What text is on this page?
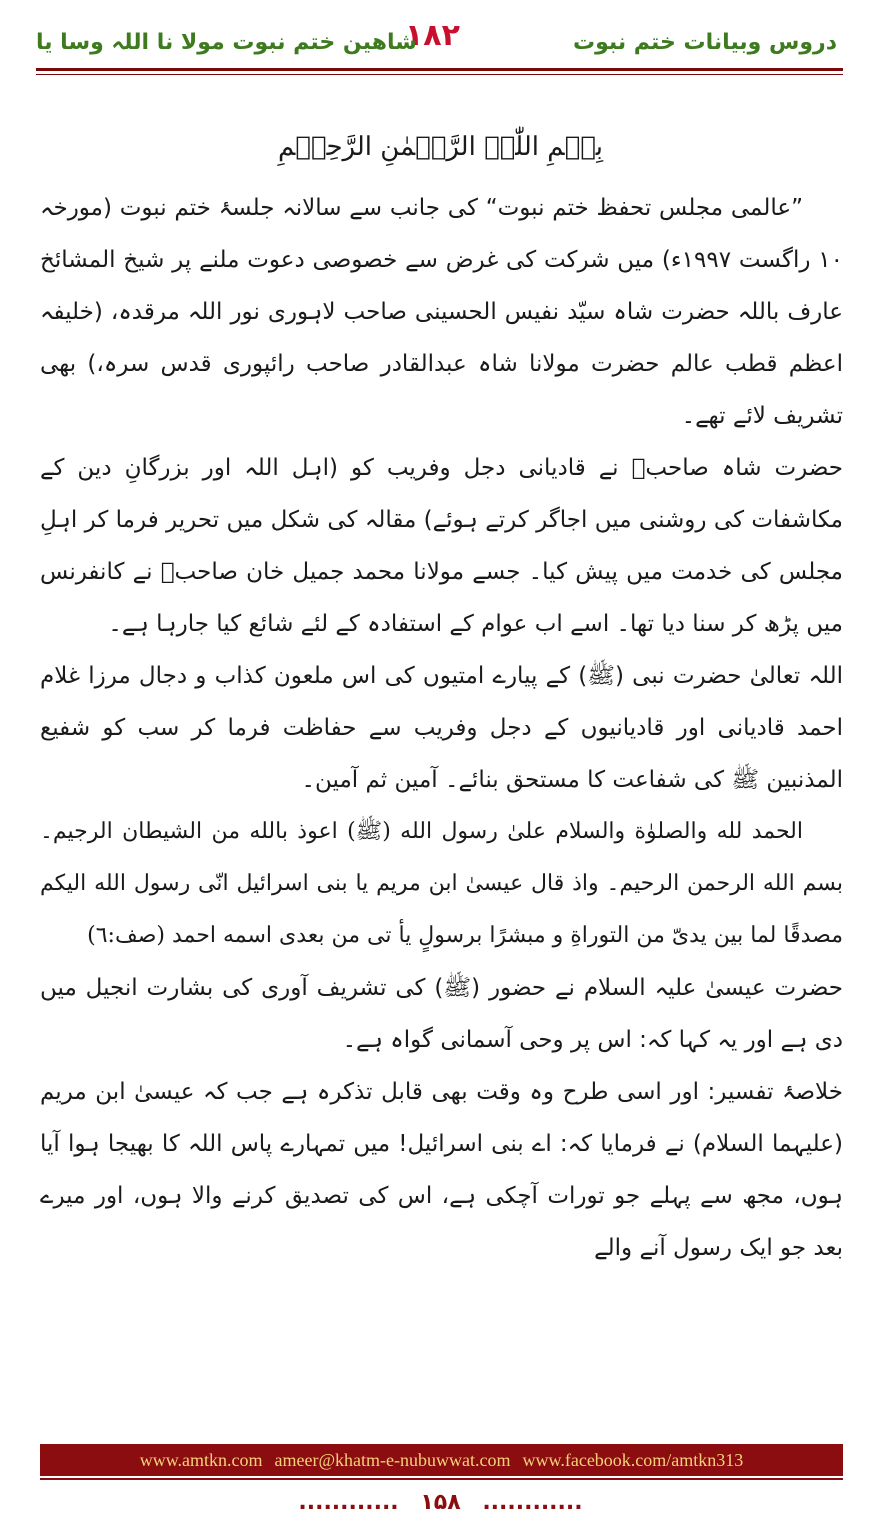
دروس وبیانات ختم نبوت
۱۸۲
شاھین ختم نبوت مولا نا اللہ وسا یا
بِسۡمِ اللّٰہِ الرَّحۡمٰنِ الرَّحِیۡمِ

”عالمی مجلس تحفظ ختم نبوت“ کی جانب سے سالانہ جلسۂ ختم نبوت (مورخہ ۱۰ راگست ۱۹۹۷ء) میں شرکت کی غرض سے خصوصی دعوت ملنے پر شیخ المشائخ عارف باللہ حضرت شاہ سیّد نفیس الحسینی صاحب لاہوری نور اللہ مرقدہ، (خلیفہ اعظم قطب عالم حضرت مولانا شاہ عبدالقادر صاحب رائپوری قدس سرہ،) بھی تشریف لائے تھے۔

حضرت شاہ صاحبؒ نے قادیانی دجل وفریب کو (اہل اللہ اور بزرگانِ دین کے مکاشفات کی روشنی میں اجاگر کرتے ہوئے) مقالہ کی شکل میں تحریر فرما کر اہلِ مجلس کی خدمت میں پیش کیا۔ جسے مولانا محمد جمیل خان صاحبؒ نے کانفرنس میں پڑھ کر سنا دیا تھا۔ اسے اب عوام کے استفادہ کے لئے شائع کیا جارہا ہے۔

اللہ تعالیٰ حضرت نبی (ﷺ) کے پیارے امتیوں کی اس ملعون کذاب و دجال مرزا غلام احمد قادیانی اور قادیانیوں کے دجل وفریب سے حفاظت فرما کر سب کو شفیع المذنبین ﷺ کی شفاعت کا مستحق بنائے۔ آمین ثم آمین۔

الحمد لله والصلوٰة والسلام علىٰ رسول الله (ﷺ) اعوذ بالله من الشيطان الرجيم۔ بسم الله الرحمن الرحيم۔ واذ قال عيسىٰ ابن مريم يا بنى اسرائيل انّى رسول الله اليكم مصدقًا لما بين يدىّ من التوراةِ و مبشرًا برسولٍ يأ تى من بعدى اسمه احمد (صف:٦)

حضرت عیسیٰ علیہ السلام نے حضور (ﷺ) کی تشریف آوری کی بشارت انجیل میں دی ہے اور یہ کہا کہ: اس پر وحی آسمانی گواہ ہے۔

خلاصۂ تفسیر: اور اسی طرح وہ وقت بھی قابل تذکرہ ہے جب کہ عیسیٰ ابن مریم (علیہما السلام) نے فرمایا کہ: اے بنی اسرائیل! میں تمہارے پاس اللہ کا بھیجا ہوا آیا ہوں، مجھ سے پہلے جو تورات آچکی ہے، اس کی تصدیق کرنے والا ہوں، اور میرے بعد جو ایک رسول آنے والے

www.amtkn.com ameer@khatm-e-nubuwwat.com www.facebook.com/amtkn313
............ ۱۵۸ ............
